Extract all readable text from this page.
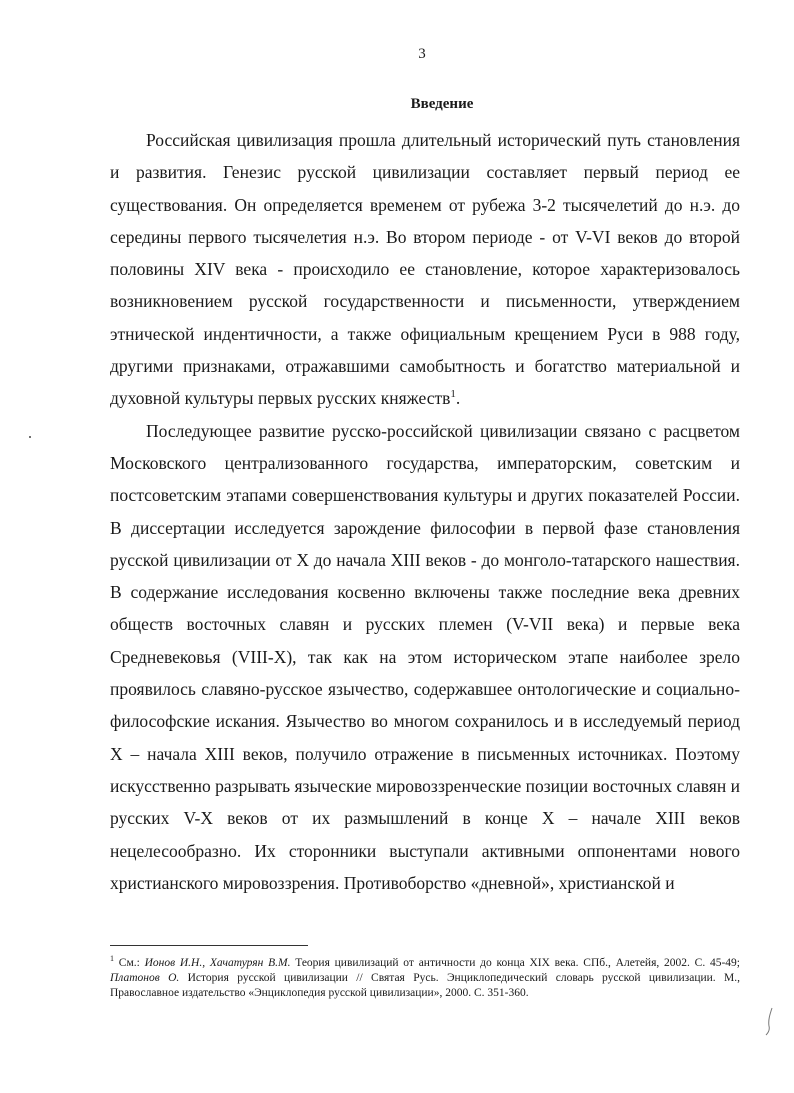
3
Введение

Российская цивилизация прошла длительный исторический путь становления и развития. Генезис русской цивилизации составляет первый период ее существования. Он определяется временем от рубежа 3-2 тысячелетий до н.э. до середины первого тысячелетия н.э. Во втором периоде - от V-VI веков до второй половины XIV века - происходило ее становление, которое характеризовалось возникновением русской государственности и письменности, утверждением этнической индентичности, а также официальным крещением Руси в 988 году, другими признаками, отражавшими самобытность и богатство материальной и духовной культуры первых русских княжеств$^1$.

Последующее развитие русско-российской цивилизации связано с расцветом Московского централизованного государства, императорским, советским и постсоветским этапами совершенствования культуры и других показателей России. В диссертации исследуется зарождение философии в первой фазе становления русской цивилизации от X до начала XIII веков - до монголо-татарского нашествия. В содержание исследования косвенно включены также последние века древних обществ восточных славян и русских племен (V-VII века) и первые века Средневековья (VIII-X), так как на этом историческом этапе наиболее зрело проявилось славяно-русское язычество, содержавшее онтологические и социально-философские искания. Язычество во многом сохранилось и в исследуемый период X – начала XIII веков, получило отражение в письменных источниках. Поэтому искусственно разрывать языческие мировоззренческие позиции восточных славян и русских V-X веков от их размышлений в конце X – начале XIII веков нецелесообразно. Их сторонники выступали активными оппонентами нового христианского мировоззрения. Противоборство «дневной», христианской и

$^1$ См.: Ионов И.Н., Хачатурян В.М. Теория цивилизаций от античности до конца XIX века. СПб., Алетейя, 2002. С. 45-49; Платонов О. История русской цивилизации // Святая Русь. Энциклопедический словарь русской цивилизации. М., Православное издательство «Энциклопедия русской цивилизации», 2000. С. 351-360.
